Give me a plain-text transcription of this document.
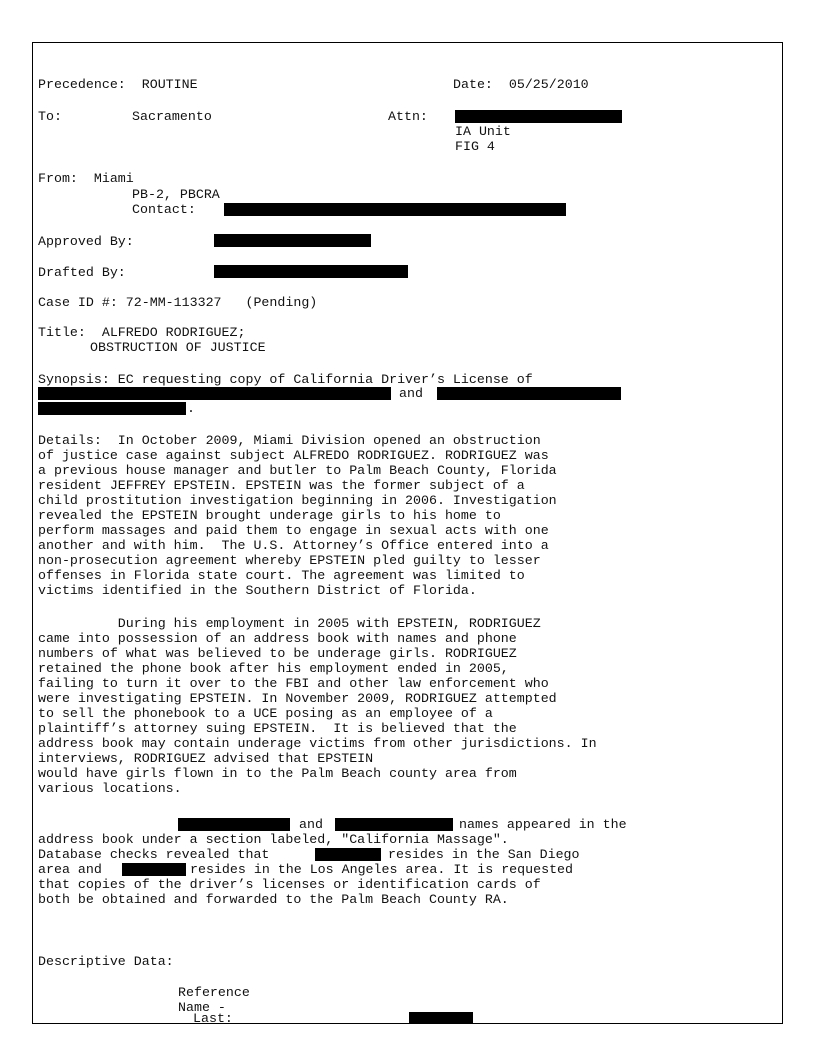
Precedence:  ROUTINE	Date:  05/25/2010
To:	Sacramento	Attn:
IA Unit
FIG 4
From:  Miami
PB-2, PBCRA
Contact:
Approved By:
Drafted By:
Case ID #: 72-MM-113327   (Pending)
Title:  ALFREDO RODRIGUEZ;
OBSTRUCTION OF JUSTICE
Synopsis: EC requesting copy of California Driver’s License of
and
.
Details:  In October 2009, Miami Division opened an obstruction
of justice case against subject ALFREDO RODRIGUEZ. RODRIGUEZ was
a previous house manager and butler to Palm Beach County, Florida
resident JEFFREY EPSTEIN. EPSTEIN was the former subject of a
child prostitution investigation beginning in 2006. Investigation
revealed the EPSTEIN brought underage girls to his home to
perform massages and paid them to engage in sexual acts with one
another and with him.  The U.S. Attorney’s Office entered into a
non-prosecution agreement whereby EPSTEIN pled guilty to lesser
offenses in Florida state court. The agreement was limited to
victims identified in the Southern District of Florida.
During his employment in 2005 with EPSTEIN, RODRIGUEZ
came into possession of an address book with names and phone
numbers of what was believed to be underage girls. RODRIGUEZ
retained the phone book after his employment ended in 2005,
failing to turn it over to the FBI and other law enforcement who
were investigating EPSTEIN. In November 2009, RODRIGUEZ attempted
to sell the phonebook to a UCE posing as an employee of a
plaintiff’s attorney suing EPSTEIN.  It is believed that the
address book may contain underage victims from other jurisdictions. In
interviews, RODRIGUEZ advised that EPSTEIN
would have girls flown in to the Palm Beach county area from
various locations.
and	names appeared in the
address book under a section labeled, "California Massage".
Database checks revealed that	resides in the San Diego
area and	resides in the Los Angeles area. It is requested
that copies of the driver’s licenses or identification cards of
both be obtained and forwarded to the Palm Beach County RA.
Descriptive Data:
Reference
Name -
Last:
